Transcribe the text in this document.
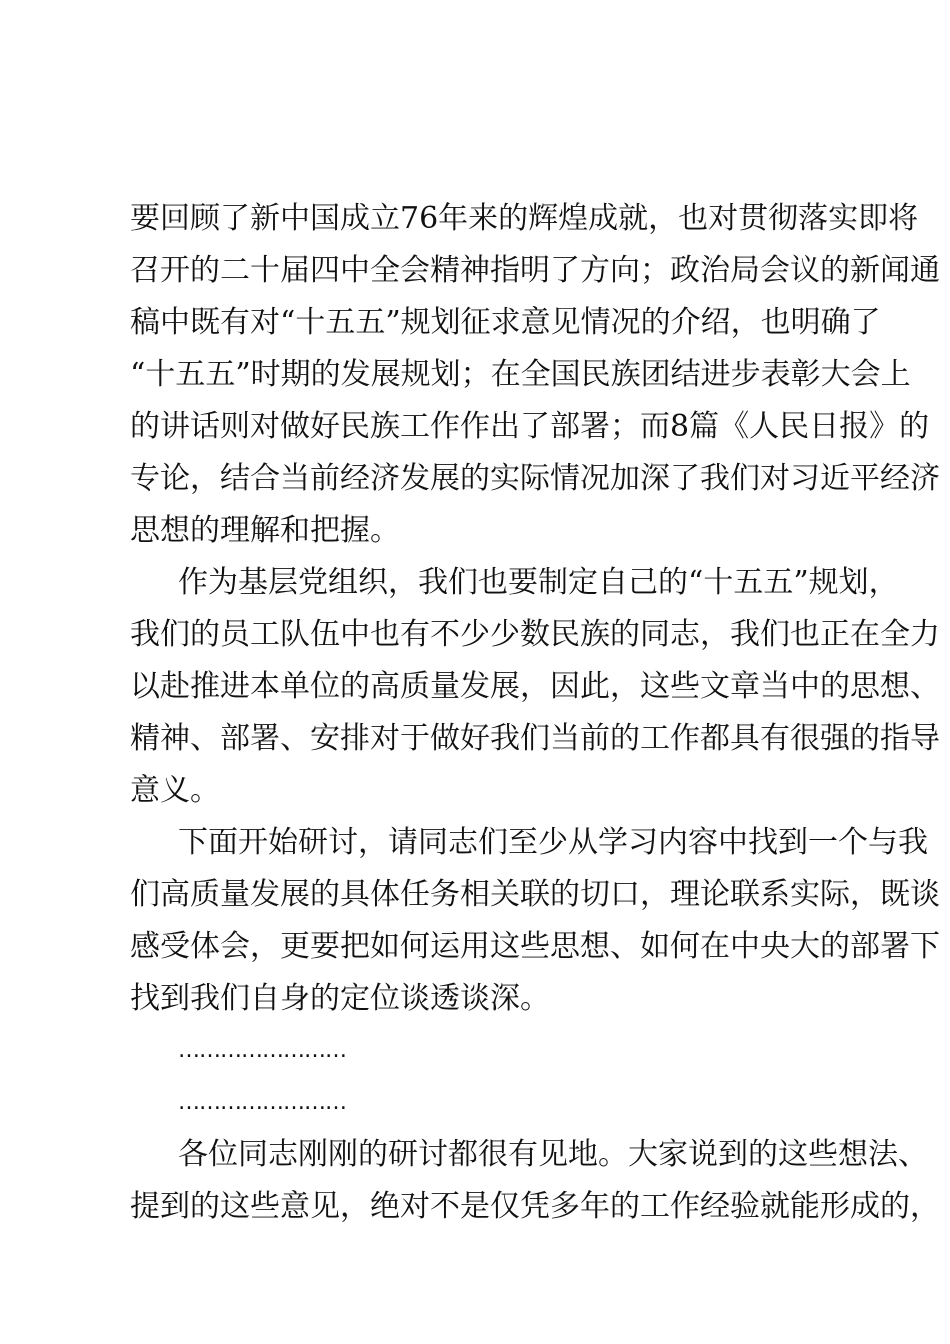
要回顾了新中国成立76年来的辉煌成就，也对贯彻落实即将
召开的二十届四中全会精神指明了方向；政治局会议的新闻通
稿中既有对“十五五”规划征求意见情况的介绍，也明确了
“十五五”时期的发展规划；在全国民族团结进步表彰大会上
的讲话则对做好民族工作作出了部署；而8篇《人民日报》的
专论，结合当前经济发展的实际情况加深了我们对习近平经济
思想的理解和把握。
作为基层党组织，我们也要制定自己的“十五五”规划，
我们的员工队伍中也有不少少数民族的同志，我们也正在全力
以赴推进本单位的高质量发展，因此，这些文章当中的思想、
精神、部署、安排对于做好我们当前的工作都具有很强的指导
意义。
下面开始研讨，请同志们至少从学习内容中找到一个与我
们高质量发展的具体任务相关联的切口，理论联系实际，既谈
感受体会，更要把如何运用这些思想、如何在中央大的部署下
找到我们自身的定位谈透谈深。
……………………
……………………
各位同志刚刚的研讨都很有见地。大家说到的这些想法、
提到的这些意见，绝对不是仅凭多年的工作经验就能形成的，
